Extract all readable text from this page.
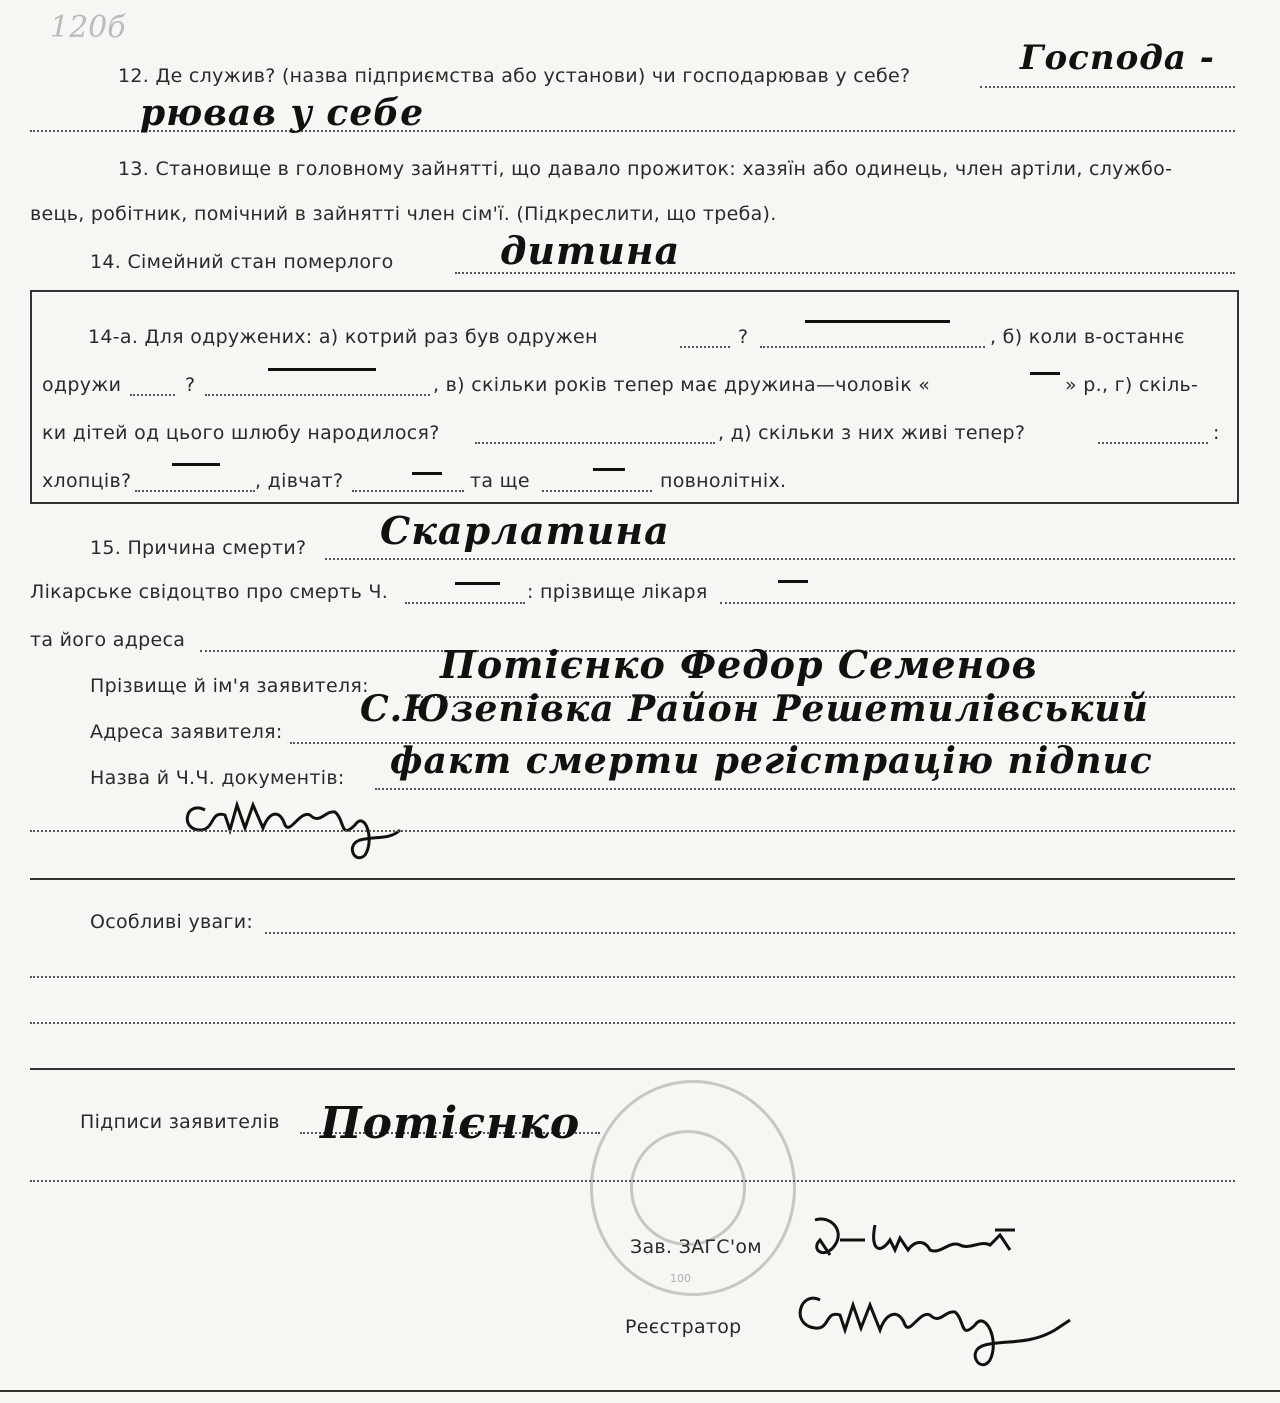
120б
12. Де служив? (назва підприємства або установи) чи господарював у себе?	Господа -
рював у себе
13. Становище в головному зайнятті, що давало прожиток: хазяїн або одинець, член артіли, службо-
вець, робітник, помічний в зайнятті член сім'ї. (Підкреслити, що треба).
14. Сімейний стан померлого	дитина
14-а. Для одружених: а) котрий раз був одружен	?	, б) коли в-останнє
одружи	?	, в) скільки років тепер має дружина—чоловік «	» р., г) скіль-
ки дітей од цього шлюбу народилося?	, д) скільки з них живі тепер?	:
хлопців?	, дівчат?	та ще	повнолітніх.
15. Причина смерти? Скарлатина
Лікарське свідоцтво про смерть Ч.	: прізвище лікаря
та його адреса
Прізвище й ім'я заявителя: Потієнко Федор Семенов
Адреса заявителя:
С.Юзепівка Район Решетилівський
Назва й Ч.Ч. документів: факт смерти регістрацію підпис
Особливі уваги:
100
Підписи заявителів Потієнко
Зав. ЗАГС'ом
Реєстратор
